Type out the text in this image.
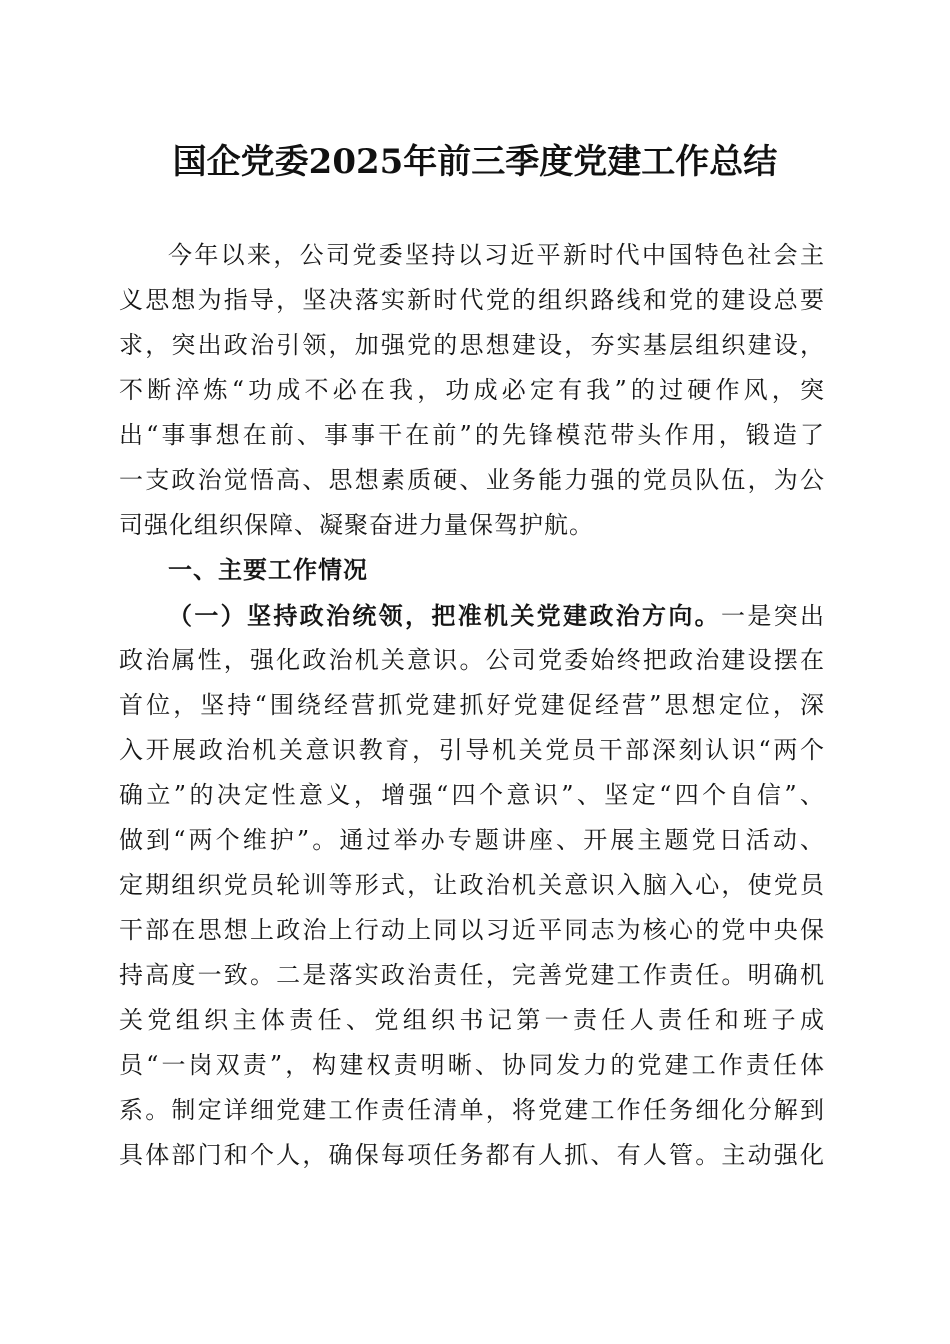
国企党委2025年前三季度党建工作总结
今年以来，公司党委坚持以习近平新时代中国特色社会主
义思想为指导，坚决落实新时代党的组织路线和党的建设总要
求，突出政治引领，加强党的思想建设，夯实基层组织建设，
不断淬炼“功成不必在我，功成必定有我”的过硬作风，突
出“事事想在前、事事干在前”的先锋模范带头作用，锻造了
一支政治觉悟高、思想素质硬、业务能力强的党员队伍，为公
司强化组织保障、凝聚奋进力量保驾护航。
一、主要工作情况
（一）坚持政治统领，把准机关党建政治方向。一是突出
政治属性，强化政治机关意识。公司党委始终把政治建设摆在
首位，坚持“围绕经营抓党建抓好党建促经营”思想定位，深
入开展政治机关意识教育，引导机关党员干部深刻认识“两个
确立”的决定性意义，增强“四个意识”、坚定“四个自信”、
做到“两个维护”。通过举办专题讲座、开展主题党日活动、
定期组织党员轮训等形式，让政治机关意识入脑入心，使党员
干部在思想上政治上行动上同以习近平同志为核心的党中央保
持高度一致。二是落实政治责任，完善党建工作责任。明确机
关党组织主体责任、党组织书记第一责任人责任和班子成
员“一岗双责”，构建权责明晰、协同发力的党建工作责任体
系。制定详细党建工作责任清单，将党建工作任务细化分解到
具体部门和个人，确保每项任务都有人抓、有人管。主动强化
